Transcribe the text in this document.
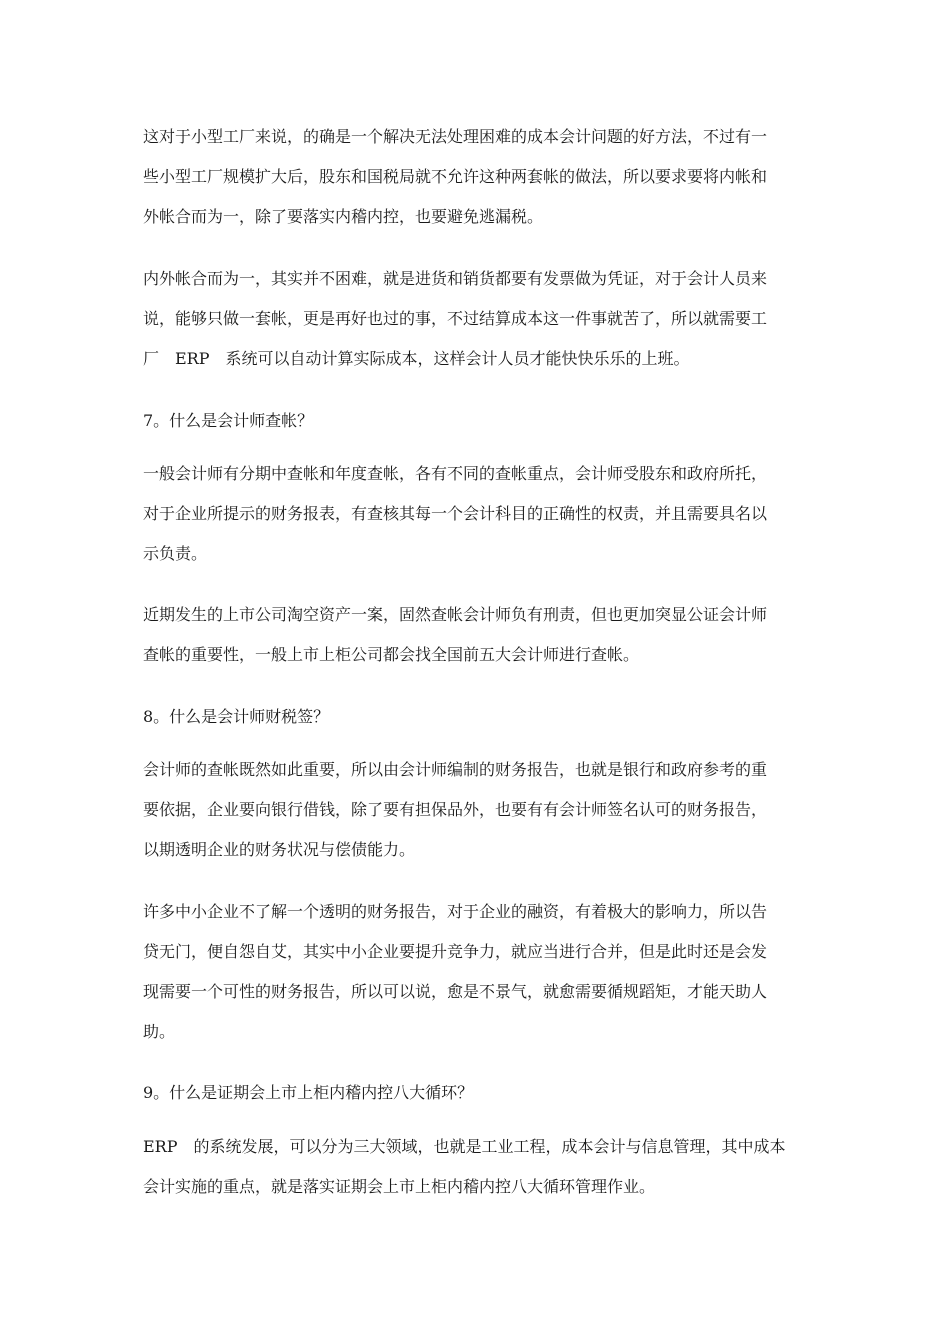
这对于小型工厂来说，的确是一个解决无法处理困难的成本会计问题的好方法，不过有一
些小型工厂规模扩大后，股东和国税局就不允许这种两套帐的做法，所以要求要将内帐和
外帐合而为一，除了要落实内稽内控，也要避免逃漏税。
内外帐合而为一，其实并不困难，就是进货和销货都要有发票做为凭证，对于会计人员来
说，能够只做一套帐，更是再好也过的事，不过结算成本这一件事就苦了，所以就需要工
厂　ERP　系统可以自动计算实际成本，这样会计人员才能快快乐乐的上班。
7。什么是会计师查帐？
一般会计师有分期中查帐和年度查帐，各有不同的查帐重点，会计师受股东和政府所托，
对于企业所提示的财务报表，有查核其每一个会计科目的正确性的权责，并且需要具名以
示负责。
近期发生的上市公司淘空资产一案，固然查帐会计师负有刑责，但也更加突显公证会计师
查帐的重要性，一般上市上柜公司都会找全国前五大会计师进行查帐。
8。什么是会计师财税签？
会计师的查帐既然如此重要，所以由会计师编制的财务报告，也就是银行和政府参考的重
要依据，企业要向银行借钱，除了要有担保品外，也要有有会计师签名认可的财务报告，
以期透明企业的财务状况与偿债能力。
许多中小企业不了解一个透明的财务报告，对于企业的融资，有着极大的影响力，所以告
贷无门，便自怨自艾，其实中小企业要提升竞争力，就应当进行合并，但是此时还是会发
现需要一个可性的财务报告，所以可以说，愈是不景气，就愈需要循规蹈矩，才能天助人
助。
9。什么是证期会上市上柜内稽内控八大循环？
ERP　的系统发展，可以分为三大领域，也就是工业工程，成本会计与信息管理，其中成本
会计实施的重点，就是落实证期会上市上柜内稽内控八大循环管理作业。
